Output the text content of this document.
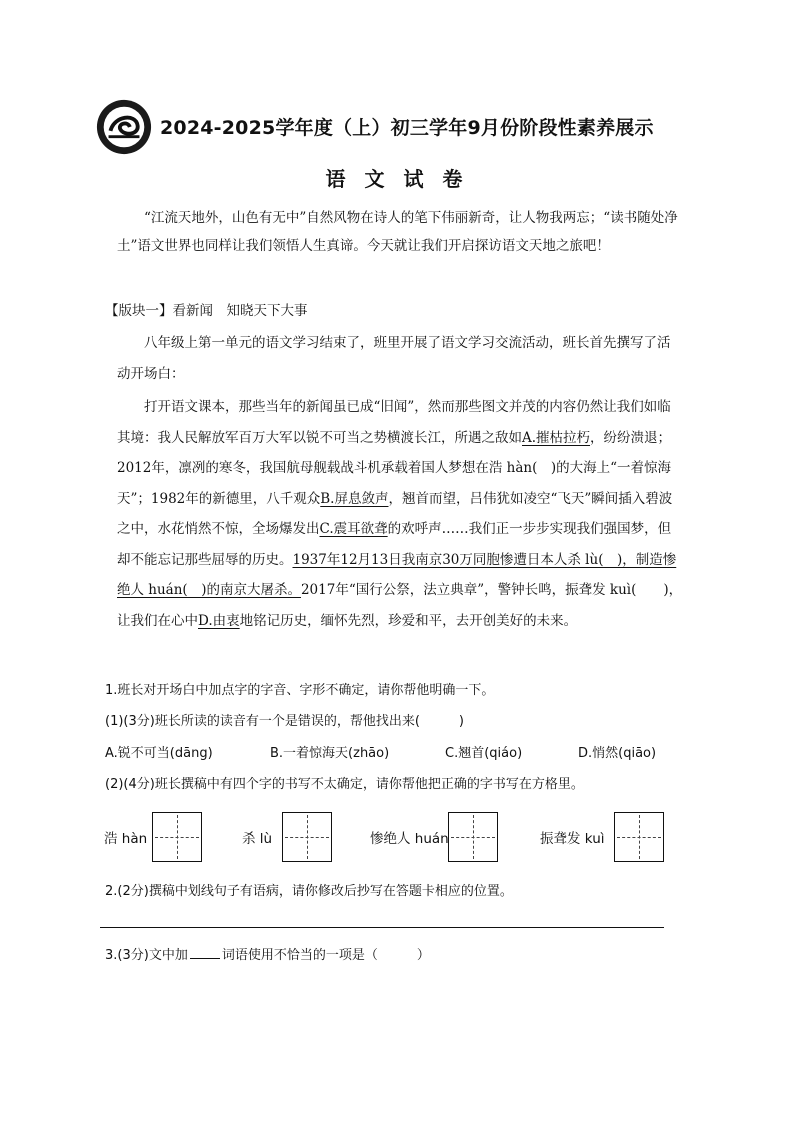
2024-2025学年度（上）初三学年9月份阶段性素养展示
语 文 试 卷
“江流天地外，山色有无中”自然风物在诗人的笔下伟丽新奇，让人物我两忘；“读书随处净土”语文世界也同样让我们领悟人生真谛。今天就让我们开启探访语文天地之旅吧！
【版块一】看新闻　知晓天下大事
八年级上第一单元的语文学习结束了，班里开展了语文学习交流活动，班长首先撰写了活动开场白：
打开语文课本，那些当年的新闻虽已成“旧闻”，然而那些图文并茂的内容仍然让我们如临其境：我人民解放军百万大军以锐不可当之势横渡长江，所遇之敌如A.摧枯拉朽，纷纷溃退；2012年，凛冽的寒冬，我国航母舰载战斗机承载着国人梦想在浩 hàn(　)的大海上“一着惊海天”；1982年的新德里，八千观众B.屏息敛声，翘首而望，吕伟犹如凌空“飞天”瞬间插入碧波之中，水花悄然不惊，全场爆发出C.震耳欲聋的欢呼声……我们正一步步实现我们强国梦，但却不能忘记那些屈辱的历史。1937年12月13日我南京30万同胞惨遭日本人杀 lù(　)，制造惨绝人 huán(　)的南京大屠杀。2017年“国行公祭，法立典章”，警钟长鸣，振聋发 kuì(　　)，让我们在心中D.由衷地铭记历史，缅怀先烈，珍爱和平，去开创美好的未来。
1.班长对开场白中加点字的字音、字形不确定，请你帮他明确一下。
(1)(3分)班长所读的读音有一个是错误的，帮他找出来(　　　)
A.锐不可当(dāng)	B.一着惊海天(zhāo)	C.翘首(qiáo)	D.悄然(qiāo)
(2)(4分)班长撰稿中有四个字的书写不太确定，请你帮他把正确的字书写在方格里。
浩 hàn	杀 lù	惨绝人 huán	振聋发 kuì
2.(2分)撰稿中划线句子有语病，请你修改后抄写在答题卡相应的位置。
3.(3分)文中加	词语使用不恰当的一项是（　　　）
